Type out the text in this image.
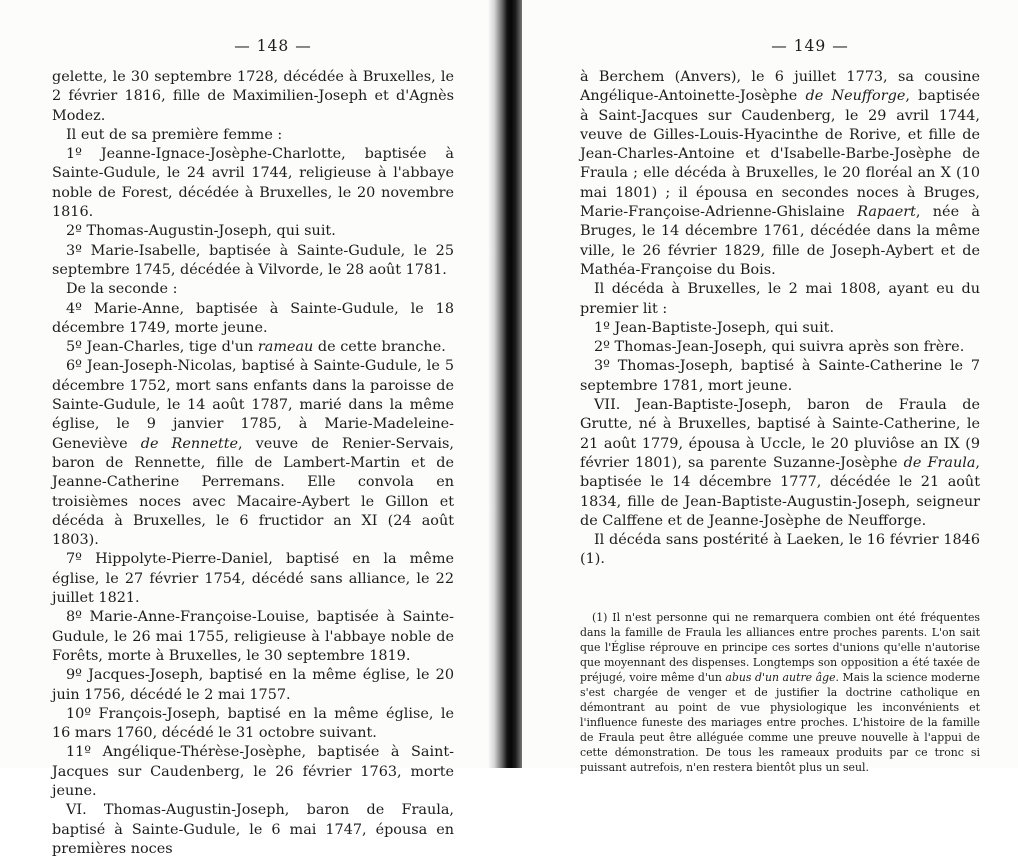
— 148 —

gelette, le 30 septembre 1728, décédée à Bruxelles, le 2 février 1816, fille de Maximilien-Joseph et d'Agnès Modez.

Il eut de sa première femme :

1º Jeanne-Ignace-Josèphe-Charlotte, baptisée à Sainte-Gudule, le 24 avril 1744, religieuse à l'abbaye noble de Forest, décédée à Bruxelles, le 20 novembre 1816.

2º Thomas-Augustin-Joseph, qui suit.

3º Marie-Isabelle, baptisée à Sainte-Gudule, le 25 septembre 1745, décédée à Vilvorde, le 28 août 1781.

De la seconde :

4º Marie-Anne, baptisée à Sainte-Gudule, le 18 décembre 1749, morte jeune.

5º Jean-Charles, tige d'un rameau de cette branche.

6º Jean-Joseph-Nicolas, baptisé à Sainte-Gudule, le 5 décembre 1752, mort sans enfants dans la paroisse de Sainte-Gudule, le 14 août 1787, marié dans la même église, le 9 janvier 1785, à Marie-Madeleine-Geneviève de Rennette, veuve de Renier-Servais, baron de Rennette, fille de Lambert-Martin et de Jeanne-Catherine Perremans. Elle convola en troisièmes noces avec Macaire-Aybert le Gillon et décéda à Bruxelles, le 6 fructidor an XI (24 août 1803).

7º Hippolyte-Pierre-Daniel, baptisé en la même église, le 27 février 1754, décédé sans alliance, le 22 juillet 1821.

8º Marie-Anne-Françoise-Louise, baptisée à Sainte-Gudule, le 26 mai 1755, religieuse à l'abbaye noble de Forêts, morte à Bruxelles, le 30 septembre 1819.

9º Jacques-Joseph, baptisé en la même église, le 20 juin 1756, décédé le 2 mai 1757.

10º François-Joseph, baptisé en la même église, le 16 mars 1760, décédé le 31 octobre suivant.

11º Angélique-Thérèse-Josèphe, baptisée à Saint-Jacques sur Caudenberg, le 26 février 1763, morte jeune.

VI. Thomas-Augustin-Joseph, baron de Fraula, baptisé à Sainte-Gudule, le 6 mai 1747, épousa en premières noces

— 149 —

à Berchem (Anvers), le 6 juillet 1773, sa cousine Angélique-Antoinette-Josèphe de Neufforge, baptisée à Saint-Jacques sur Caudenberg, le 29 avril 1744, veuve de Gilles-Louis-Hyacinthe de Rorive, et fille de Jean-Charles-Antoine et d'Isabelle-Barbe-Josèphe de Fraula ; elle décéda à Bruxelles, le 20 floréal an X (10 mai 1801) ; il épousa en secondes noces à Bruges, Marie-Françoise-Adrienne-Ghislaine Rapaert, née à Bruges, le 14 décembre 1761, décédée dans la même ville, le 26 février 1829, fille de Joseph-Aybert et de Mathéa-Françoise du Bois.

Il décéda à Bruxelles, le 2 mai 1808, ayant eu du premier lit :

1º Jean-Baptiste-Joseph, qui suit.

2º Thomas-Jean-Joseph, qui suivra après son frère.

3º Thomas-Joseph, baptisé à Sainte-Catherine le 7 septembre 1781, mort jeune.

VII. Jean-Baptiste-Joseph, baron de Fraula de Grutte, né à Bruxelles, baptisé à Sainte-Catherine, le 21 août 1779, épousa à Uccle, le 20 pluviôse an IX (9 février 1801), sa parente Suzanne-Josèphe de Fraula, baptisée le 14 décembre 1777, décédée le 21 août 1834, fille de Jean-Baptiste-Augustin-Joseph, seigneur de Calffene et de Jeanne-Josèphe de Neufforge.

Il décéda sans postérité à Laeken, le 16 février 1846 (1).

(1) Il n'est personne qui ne remarquera combien ont été fréquentes dans la famille de Fraula les alliances entre proches parents. L'on sait que l'Église réprouve en principe ces sortes d'unions qu'elle n'autorise que moyennant des dispenses. Longtemps son opposition a été taxée de préjugé, voire même d'un abus d'un autre âge. Mais la science moderne s'est chargée de venger et de justifier la doctrine catholique en démontrant au point de vue physiologique les inconvénients et l'influence funeste des mariages entre proches. L'histoire de la famille de Fraula peut être alléguée comme une preuve nouvelle à l'appui de cette démonstration. De tous les rameaux produits par ce tronc si puissant autrefois, n'en restera bientôt plus un seul.
